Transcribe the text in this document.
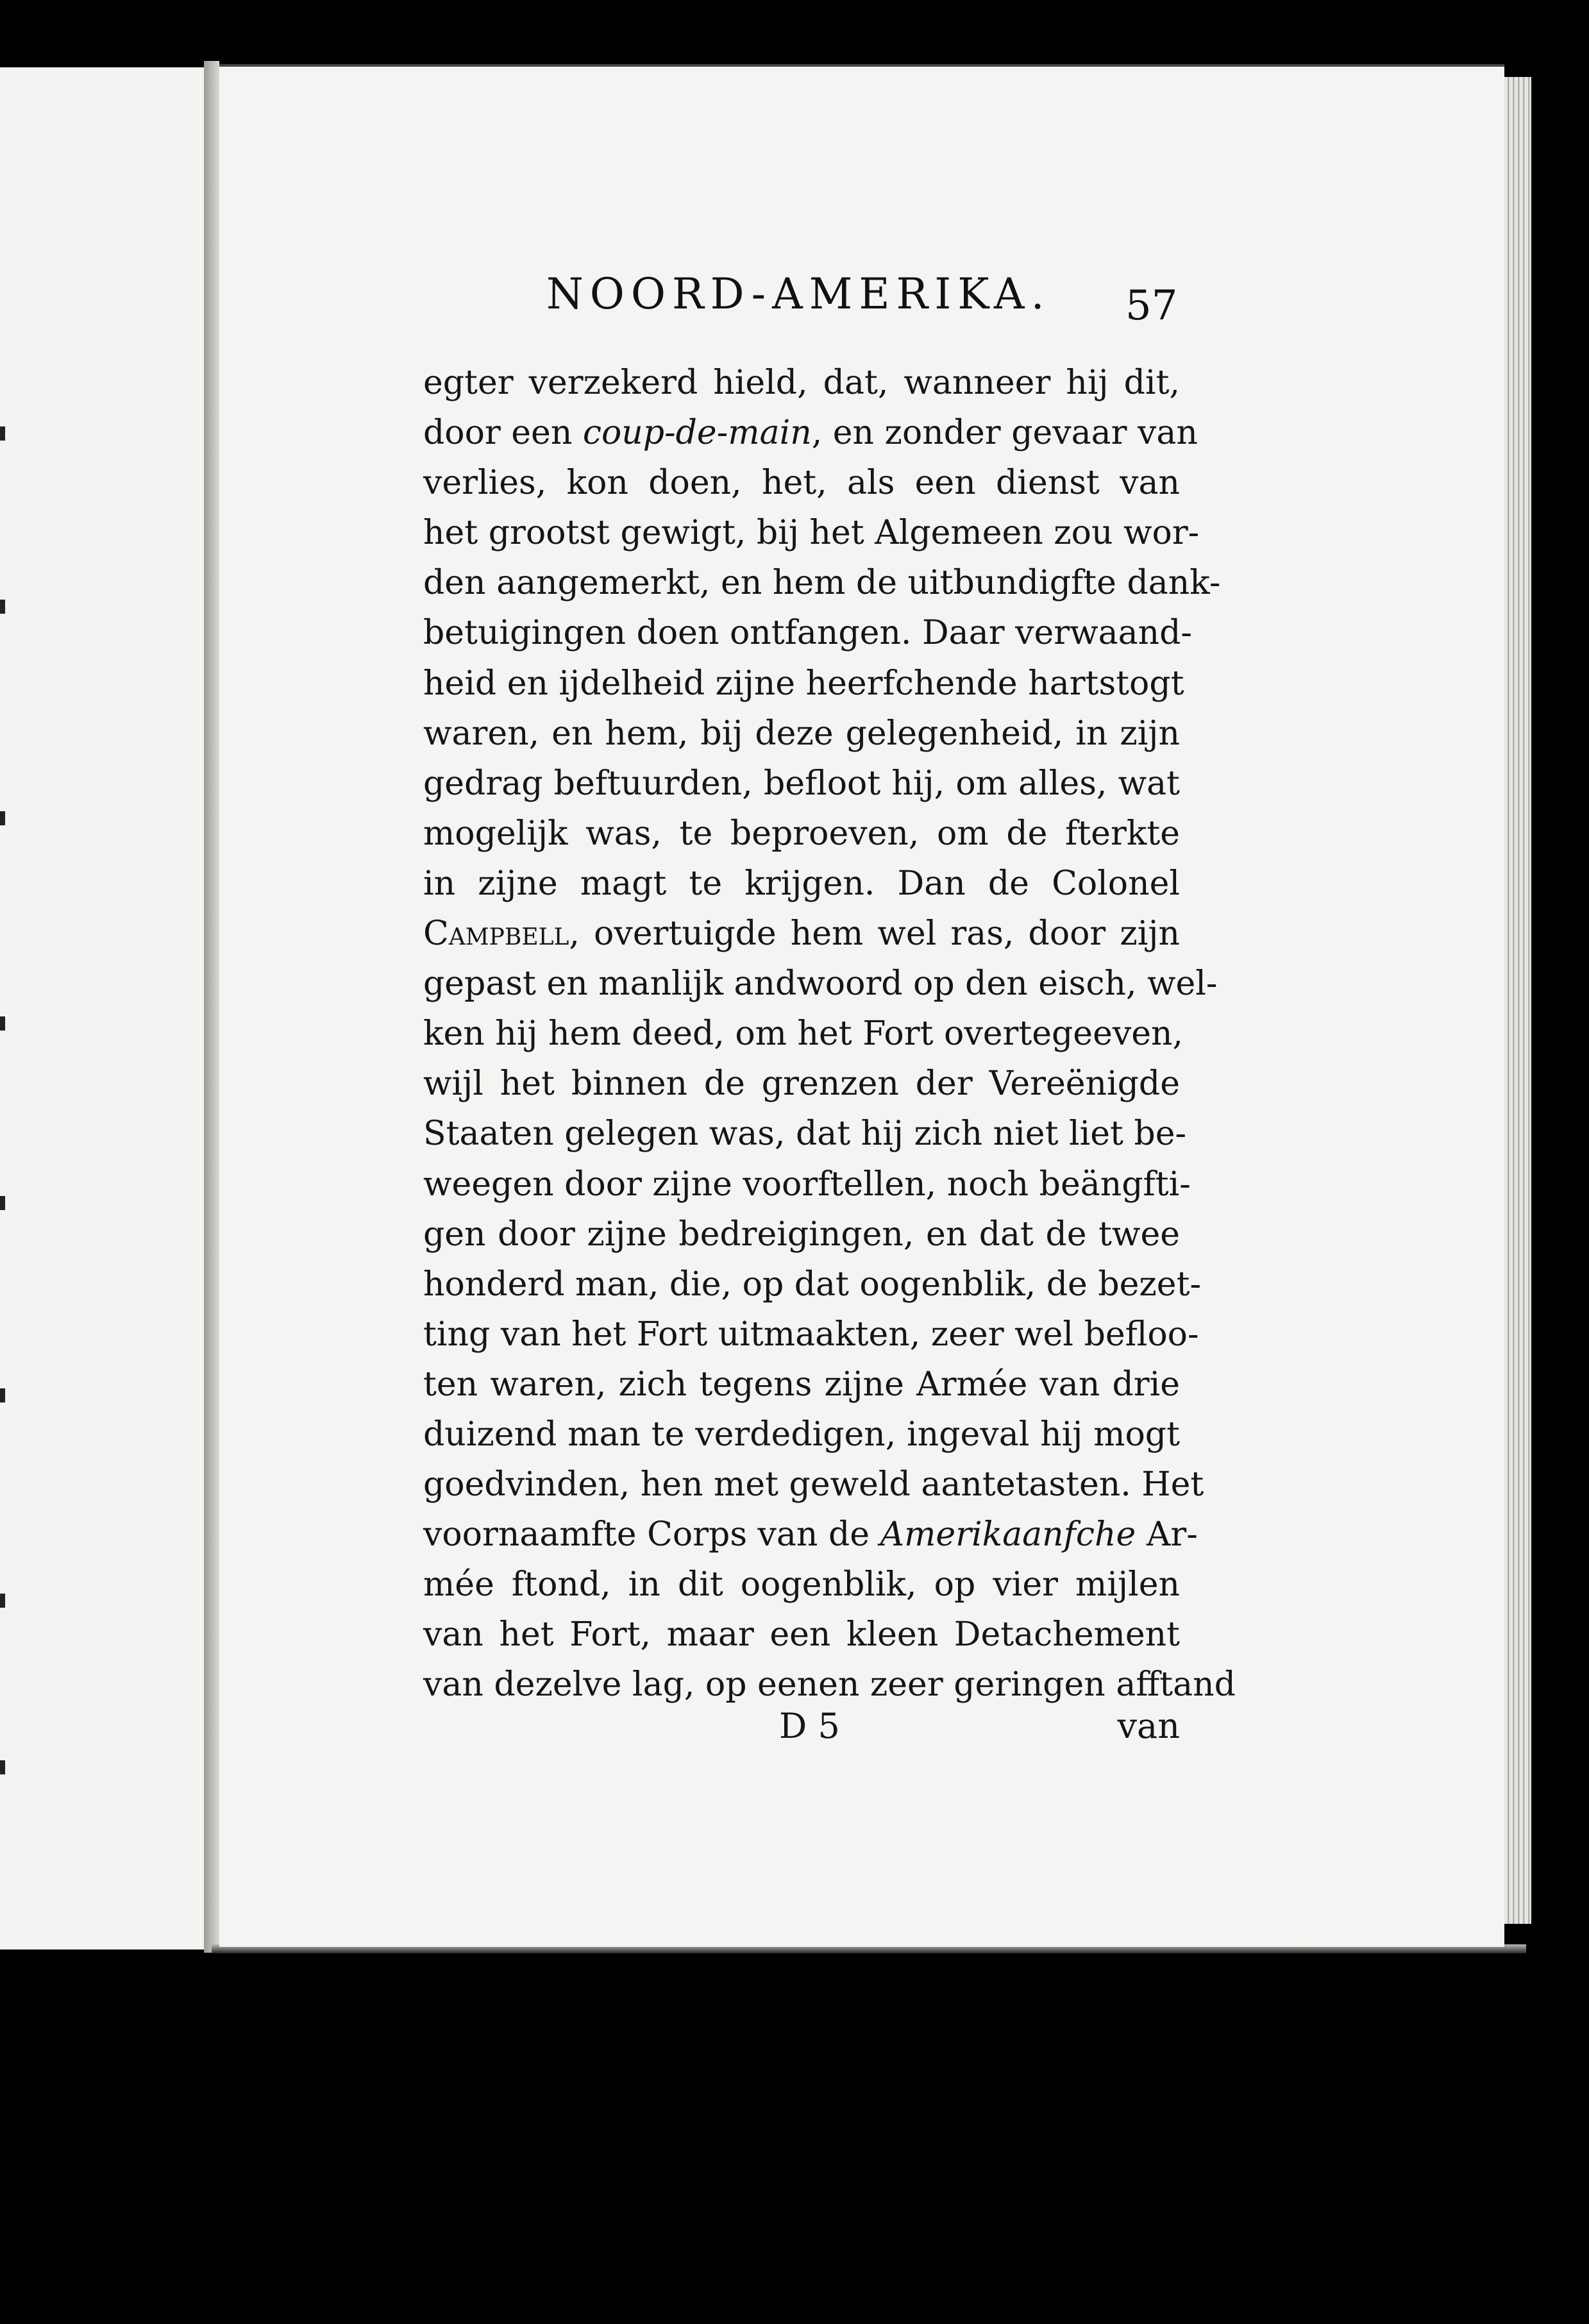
NOORD-AMERIKA. 57
egter verzekerd hield, dat, wanneer hij dit,
door een coup-de-main, en zonder gevaar van
verlies, kon doen, het, als een dienst van
het grootst gewigt, bij het Algemeen zou wor-
den aangemerkt, en hem de uitbundigfte dank-
betuigingen doen ontfangen. Daar verwaand-
heid en ijdelheid zijne heerfchende hartstogt
waren, en hem, bij deze gelegenheid, in zijn
gedrag beftuurden, befloot hij, om alles, wat
mogelijk was, te beproeven, om de fterkte
in zijne magt te krijgen. Dan de Colonel
Campbell, overtuigde hem wel ras, door zijn
gepast en manlijk andwoord op den eisch, wel-
ken hij hem deed, om het Fort overtegeeven,
wijl het binnen de grenzen der Vereënigde
Staaten gelegen was, dat hij zich niet liet be-
weegen door zijne voorftellen, noch beängfti-
gen door zijne bedreigingen, en dat de twee
honderd man, die, op dat oogenblik, de bezet-
ting van het Fort uitmaakten, zeer wel befloo-
ten waren, zich tegens zijne Armée van drie
duizend man te verdedigen, ingeval hij mogt
goedvinden, hen met geweld aantetasten. Het
voornaamfte Corps van de Amerikaanfche Ar-
mée ftond, in dit oogenblik, op vier mijlen
van het Fort, maar een kleen Detachement
van dezelve lag, op eenen zeer geringen afftand
D 5	van
